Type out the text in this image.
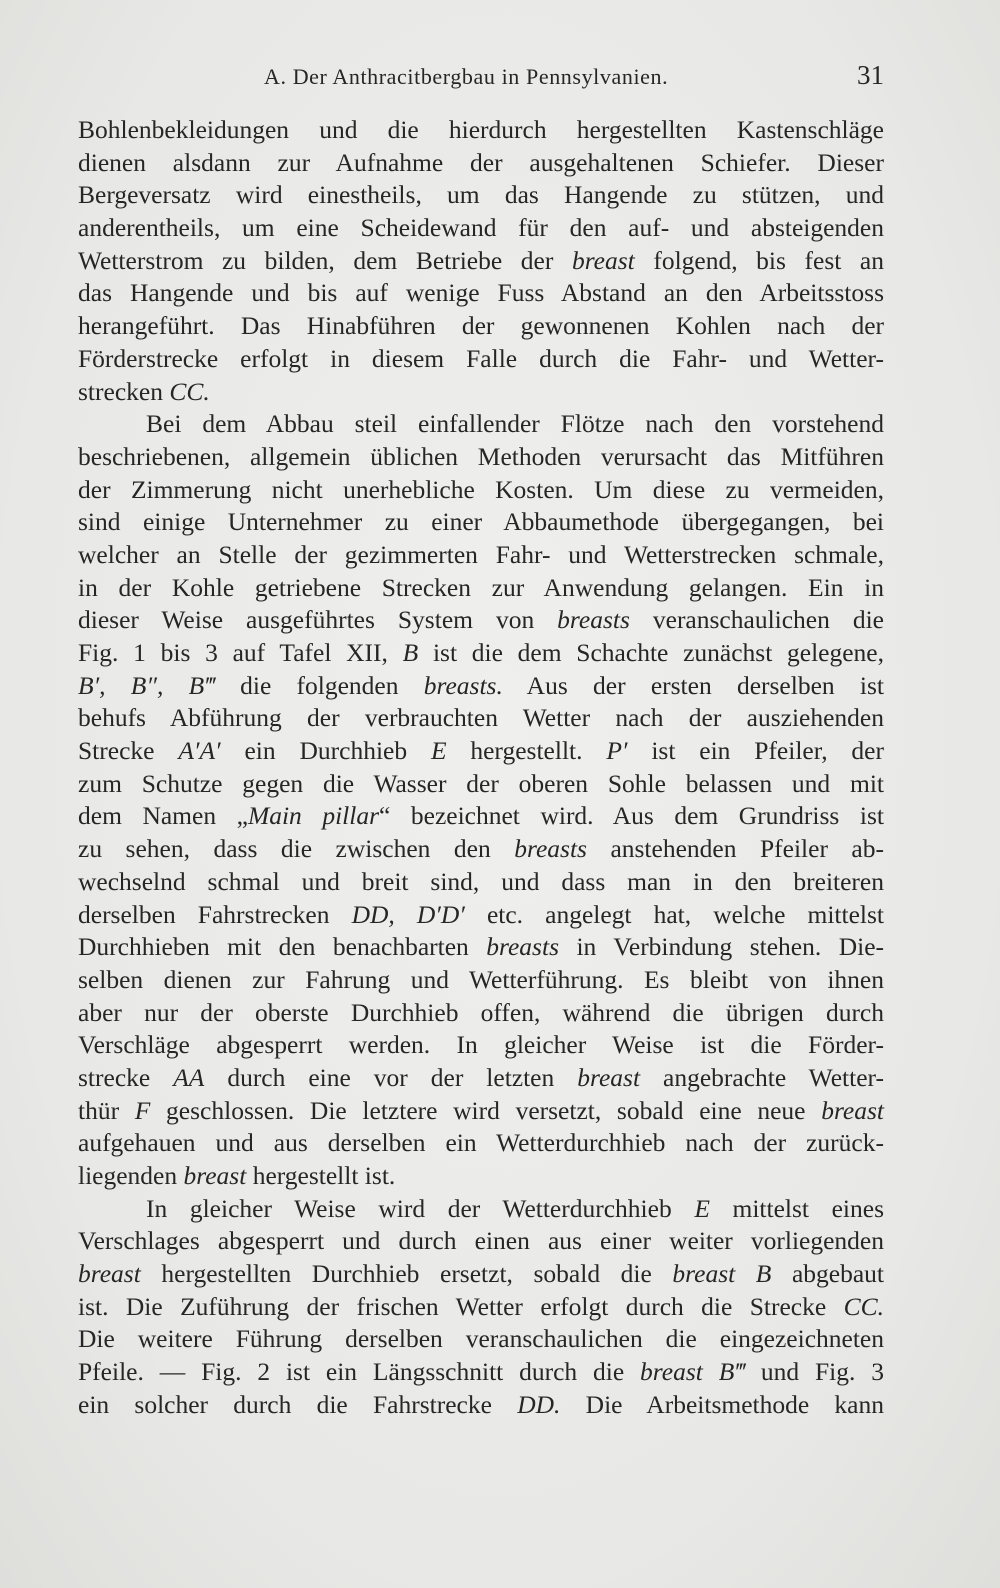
A. Der Anthracitbergbau in Pennsylvanien.	31
Bohlenbekleidungen und die hierdurch hergestellten Kastenschläge
dienen alsdann zur Aufnahme der ausgehaltenen Schiefer. Dieser
Bergeversatz wird einestheils, um das Hangende zu stützen, und
anderentheils, um eine Scheidewand für den auf- und absteigenden
Wetterstrom zu bilden, dem Betriebe der breast folgend, bis fest an
das Hangende und bis auf wenige Fuss Abstand an den Arbeitsstoss
herangeführt. Das Hinabführen der gewonnenen Kohlen nach der
Förderstrecke erfolgt in diesem Falle durch die Fahr- und Wetter-
strecken CC.
Bei dem Abbau steil einfallender Flötze nach den vorstehend
beschriebenen, allgemein üblichen Methoden verursacht das Mitführen
der Zimmerung nicht unerhebliche Kosten. Um diese zu vermeiden,
sind einige Unternehmer zu einer Abbaumethode übergegangen, bei
welcher an Stelle der gezimmerten Fahr- und Wetterstrecken schmale,
in der Kohle getriebene Strecken zur Anwendung gelangen. Ein in
dieser Weise ausgeführtes System von breasts veranschaulichen die
Fig. 1 bis 3 auf Tafel XII, B ist die dem Schachte zunächst gelegene,
B′, B″, B‴ die folgenden breasts. Aus der ersten derselben ist
behufs Abführung der verbrauchten Wetter nach der ausziehenden
Strecke A′A′ ein Durchhieb E hergestellt. P′ ist ein Pfeiler, der
zum Schutze gegen die Wasser der oberen Sohle belassen und mit
dem Namen „Main pillar“ bezeichnet wird. Aus dem Grundriss ist
zu sehen, dass die zwischen den breasts anstehenden Pfeiler ab-
wechselnd schmal und breit sind, und dass man in den breiteren
derselben Fahrstrecken DD, D′D′ etc. angelegt hat, welche mittelst
Durchhieben mit den benachbarten breasts in Verbindung stehen. Die-
selben dienen zur Fahrung und Wetterführung. Es bleibt von ihnen
aber nur der oberste Durchhieb offen, während die übrigen durch
Verschläge abgesperrt werden. In gleicher Weise ist die Förder-
strecke AA durch eine vor der letzten breast angebrachte Wetter-
thür F geschlossen. Die letztere wird versetzt, sobald eine neue breast
aufgehauen und aus derselben ein Wetterdurchhieb nach der zurück-
liegenden breast hergestellt ist.
In gleicher Weise wird der Wetterdurchhieb E mittelst eines
Verschlages abgesperrt und durch einen aus einer weiter vorliegenden
breast hergestellten Durchhieb ersetzt, sobald die breast B abgebaut
ist. Die Zuführung der frischen Wetter erfolgt durch die Strecke CC.
Die weitere Führung derselben veranschaulichen die eingezeichneten
Pfeile. — Fig. 2 ist ein Längsschnitt durch die breast B‴ und Fig. 3
ein solcher durch die Fahrstrecke DD. Die Arbeitsmethode kann
